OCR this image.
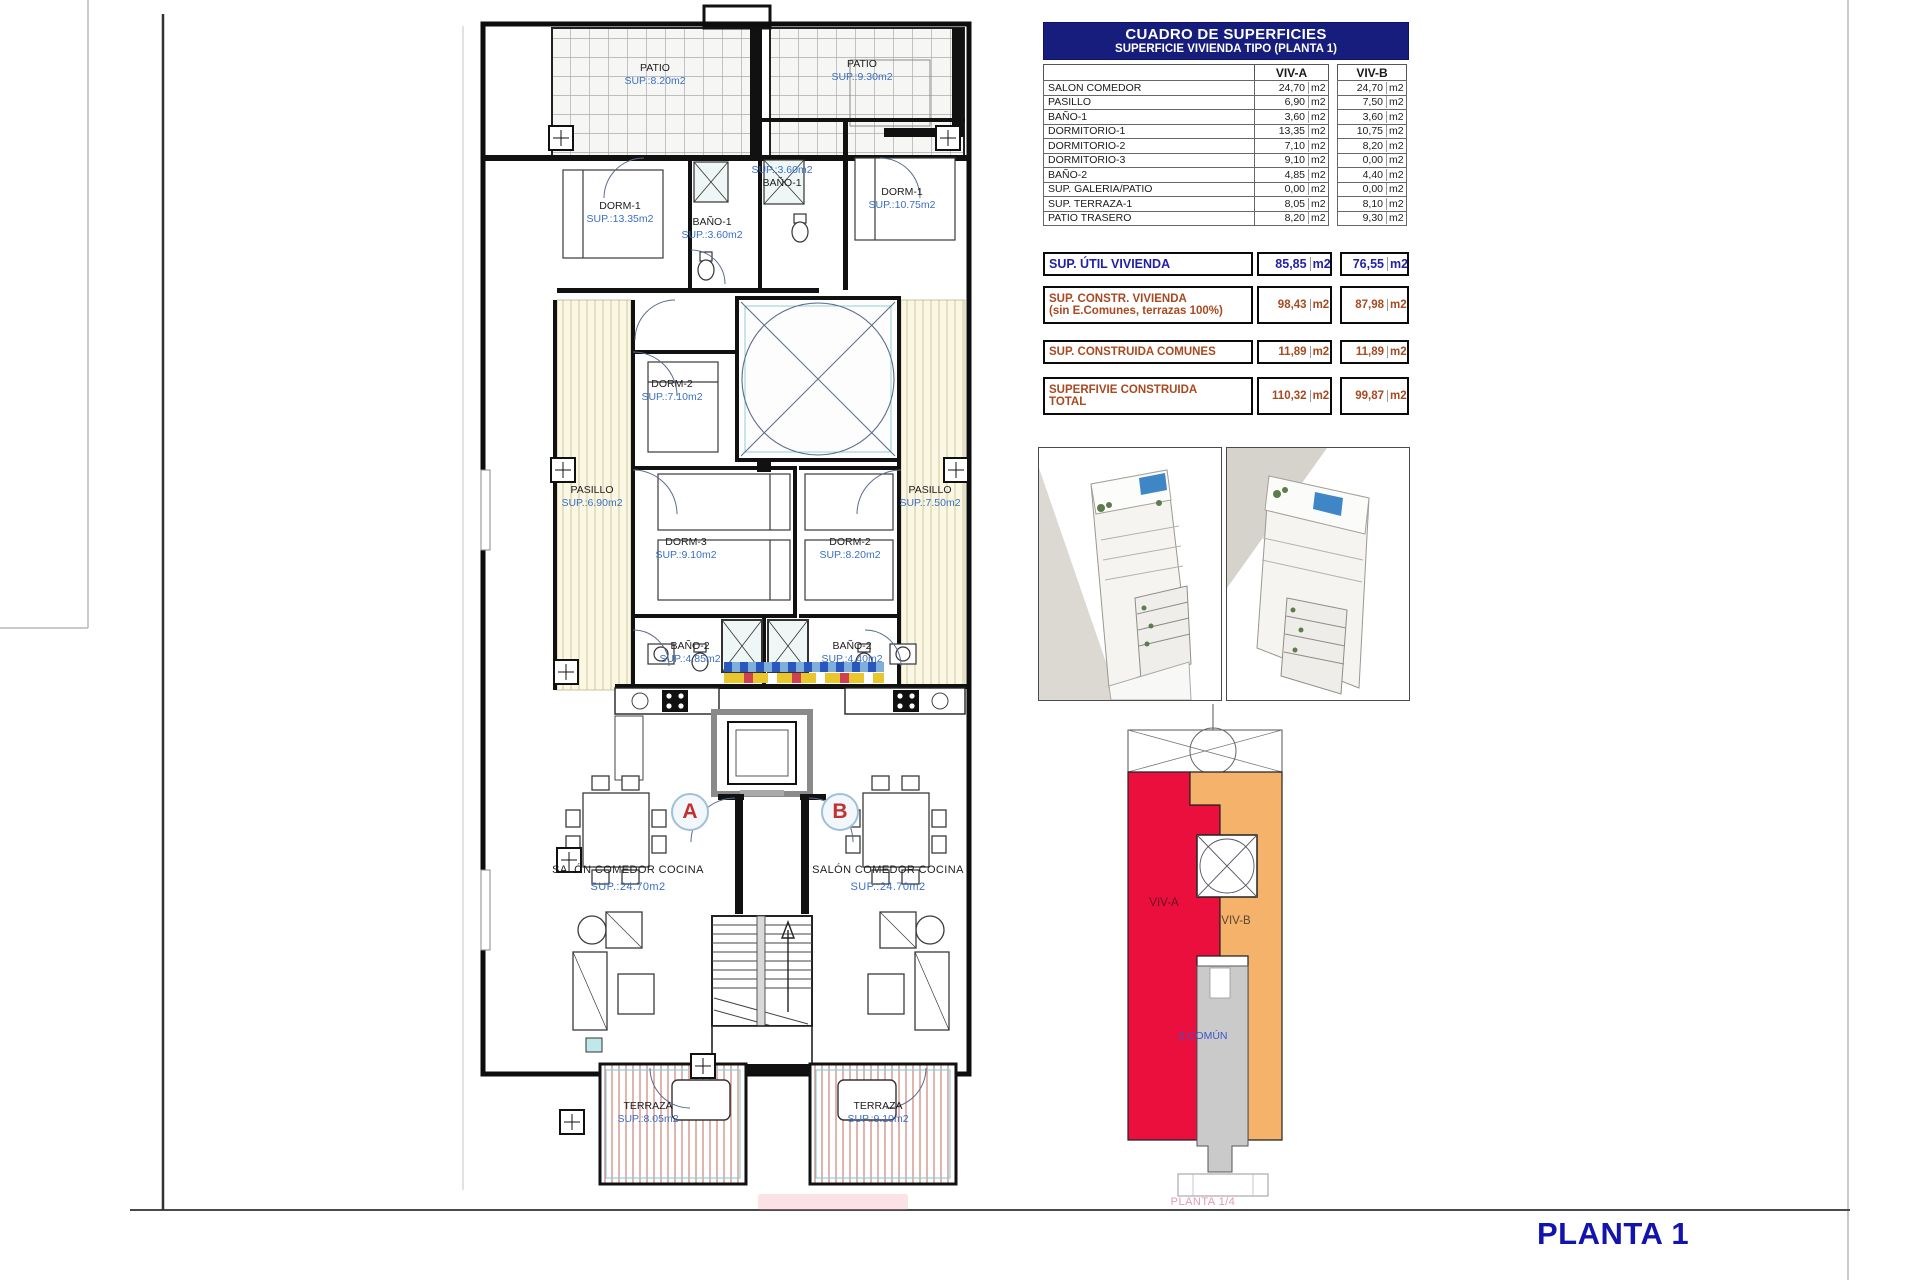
PATIO
SUP.:8.20m2
PATIO
SUP.:9.30m2
SUP.:3.60m2
BAÑO-1
DORM-1
SUP.:13.35m2
DORM-1
SUP.:10.75m2
BAÑO-1
SUP.:3.60m2
DORM-2
SUP.:7.10m2
PASILLO
SUP.:6.90m2
PASILLO
SUP.:7.50m2
DORM-3
SUP.:9.10m2
DORM-2
SUP.:8.20m2
BAÑO-2
SUP.:4.85m2
BAÑO-2
SUP.:4.40m2
SALÓN COMEDOR COCINA
SUP.:24.70m2
SALÓN COMEDOR COCINA
SUP.:24.70m2
TERRAZA
SUP.:8.05m2
TERRAZA
SUP.:9.10m2
A	B
CUADRO DE SUPERFICIES
SUPERFICIE VIVIENDA TIPO (PLANTA 1)
VIV-A	VIV-B
SALON COMEDOR	24,70 m2	24,70 m2
PASILLO	6,90 m2	7,50 m2
BAÑO-1	3,60 m2	3,60 m2
DORMITORIO-1	13,35 m2	10,75 m2
DORMITORIO-2	7,10 m2	8,20 m2
DORMITORIO-3	9,10 m2	0,00 m2
BAÑO-2	4,85 m2	4,40 m2
SUP. GALERIA/PATIO	0,00 m2	0,00 m2
SUP. TERRAZA-1	8,05 m2	8,10 m2
PATIO TRASERO	8,20 m2	9,30 m2
SUP. ÚTIL VIVIENDA	85,85 m2	76,55 m2
SUP. CONSTR. VIVIENDA
(sin E.Comunes, terrazas 100%)	98,43 m2	87,98 m2
SUP. CONSTRUIDA COMUNES	11,89 m2	11,89 m2
SUPERFIVIE CONSTRUIDA
TOTAL	110,32 m2	99,87 m2
VIV-A
VIV-B
Z.COMÚN
PLANTA 1/4
PLANTA 1
